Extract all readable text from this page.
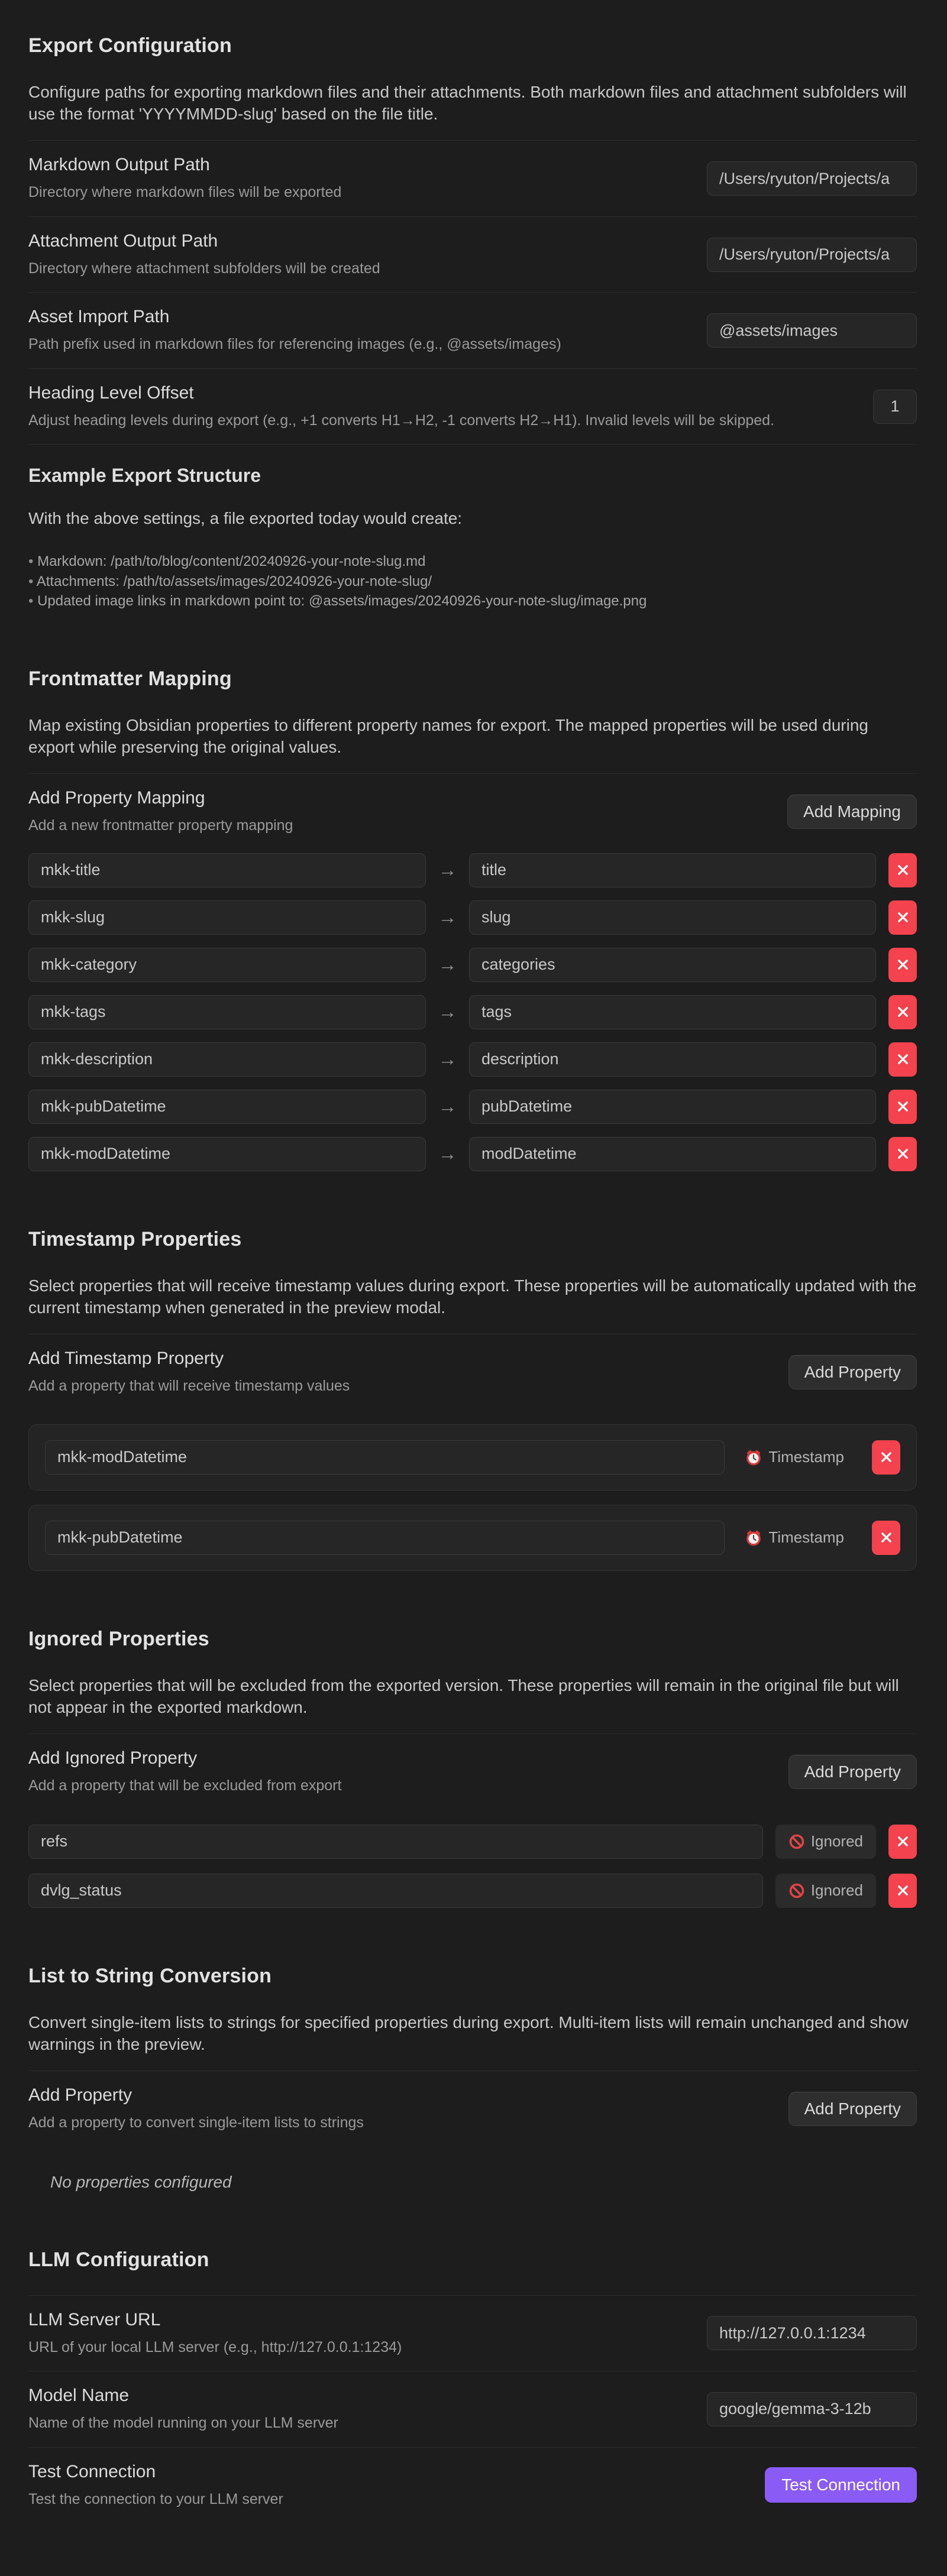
Export Configuration

Configure paths for exporting markdown files and their attachments. Both markdown files and attachment subfolders will use the format 'YYYYMMDD-slug' based on the file title.

Markdown Output Path
Directory where markdown files will be exported
/Users/ryuton/Projects/a
Attachment Output Path
Directory where attachment subfolders will be created
/Users/ryuton/Projects/a
Asset Import Path
Path prefix used in markdown files for referencing images (e.g., @assets/images)
@assets/images
Heading Level Offset
Adjust heading levels during export (e.g., +1 converts H1→H2, -1 converts H2→H1). Invalid levels will be skipped.
1
Example Export Structure

With the above settings, a file exported today would create:

• Markdown: /path/to/blog/content/20240926-your-note-slug.md
• Attachments: /path/to/assets/images/20240926-your-note-slug/
• Updated image links in markdown point to: @assets/images/20240926-your-note-slug/image.png
Frontmatter Mapping

Map existing Obsidian properties to different property names for export. The mapped properties will be used during export while preserving the original values.

Add Property Mapping
Add a new frontmatter property mapping
Add Mapping
mkk-title
→
title
mkk-slug
→
slug
mkk-category
→
categories
mkk-tags
→
tags
mkk-description
→
description
mkk-pubDatetime
→
pubDatetime
mkk-modDatetime
→
modDatetime
Timestamp Properties

Select properties that will receive timestamp values during export. These properties will be automatically updated with the current timestamp when generated in the preview modal.

Add Timestamp Property
Add a property that will receive timestamp values
Add Property
mkk-modDatetime
Timestamp
mkk-pubDatetime
Timestamp
Ignored Properties

Select properties that will be excluded from the exported version. These properties will remain in the original file but will not appear in the exported markdown.

Add Ignored Property
Add a property that will be excluded from export
Add Property
refs
Ignored
dvlg_status
Ignored
List to String Conversion

Convert single-item lists to strings for specified properties during export. Multi-item lists will remain unchanged and show warnings in the preview.

Add Property
Add a property to convert single-item lists to strings
Add Property

No properties configured

LLM Configuration
LLM Server URL
URL of your local LLM server (e.g., http://127.0.0.1:1234)
http://127.0.0.1:1234
Model Name
Name of the model running on your LLM server
google/gemma-3-12b
Test Connection
Test the connection to your LLM server
Test Connection
